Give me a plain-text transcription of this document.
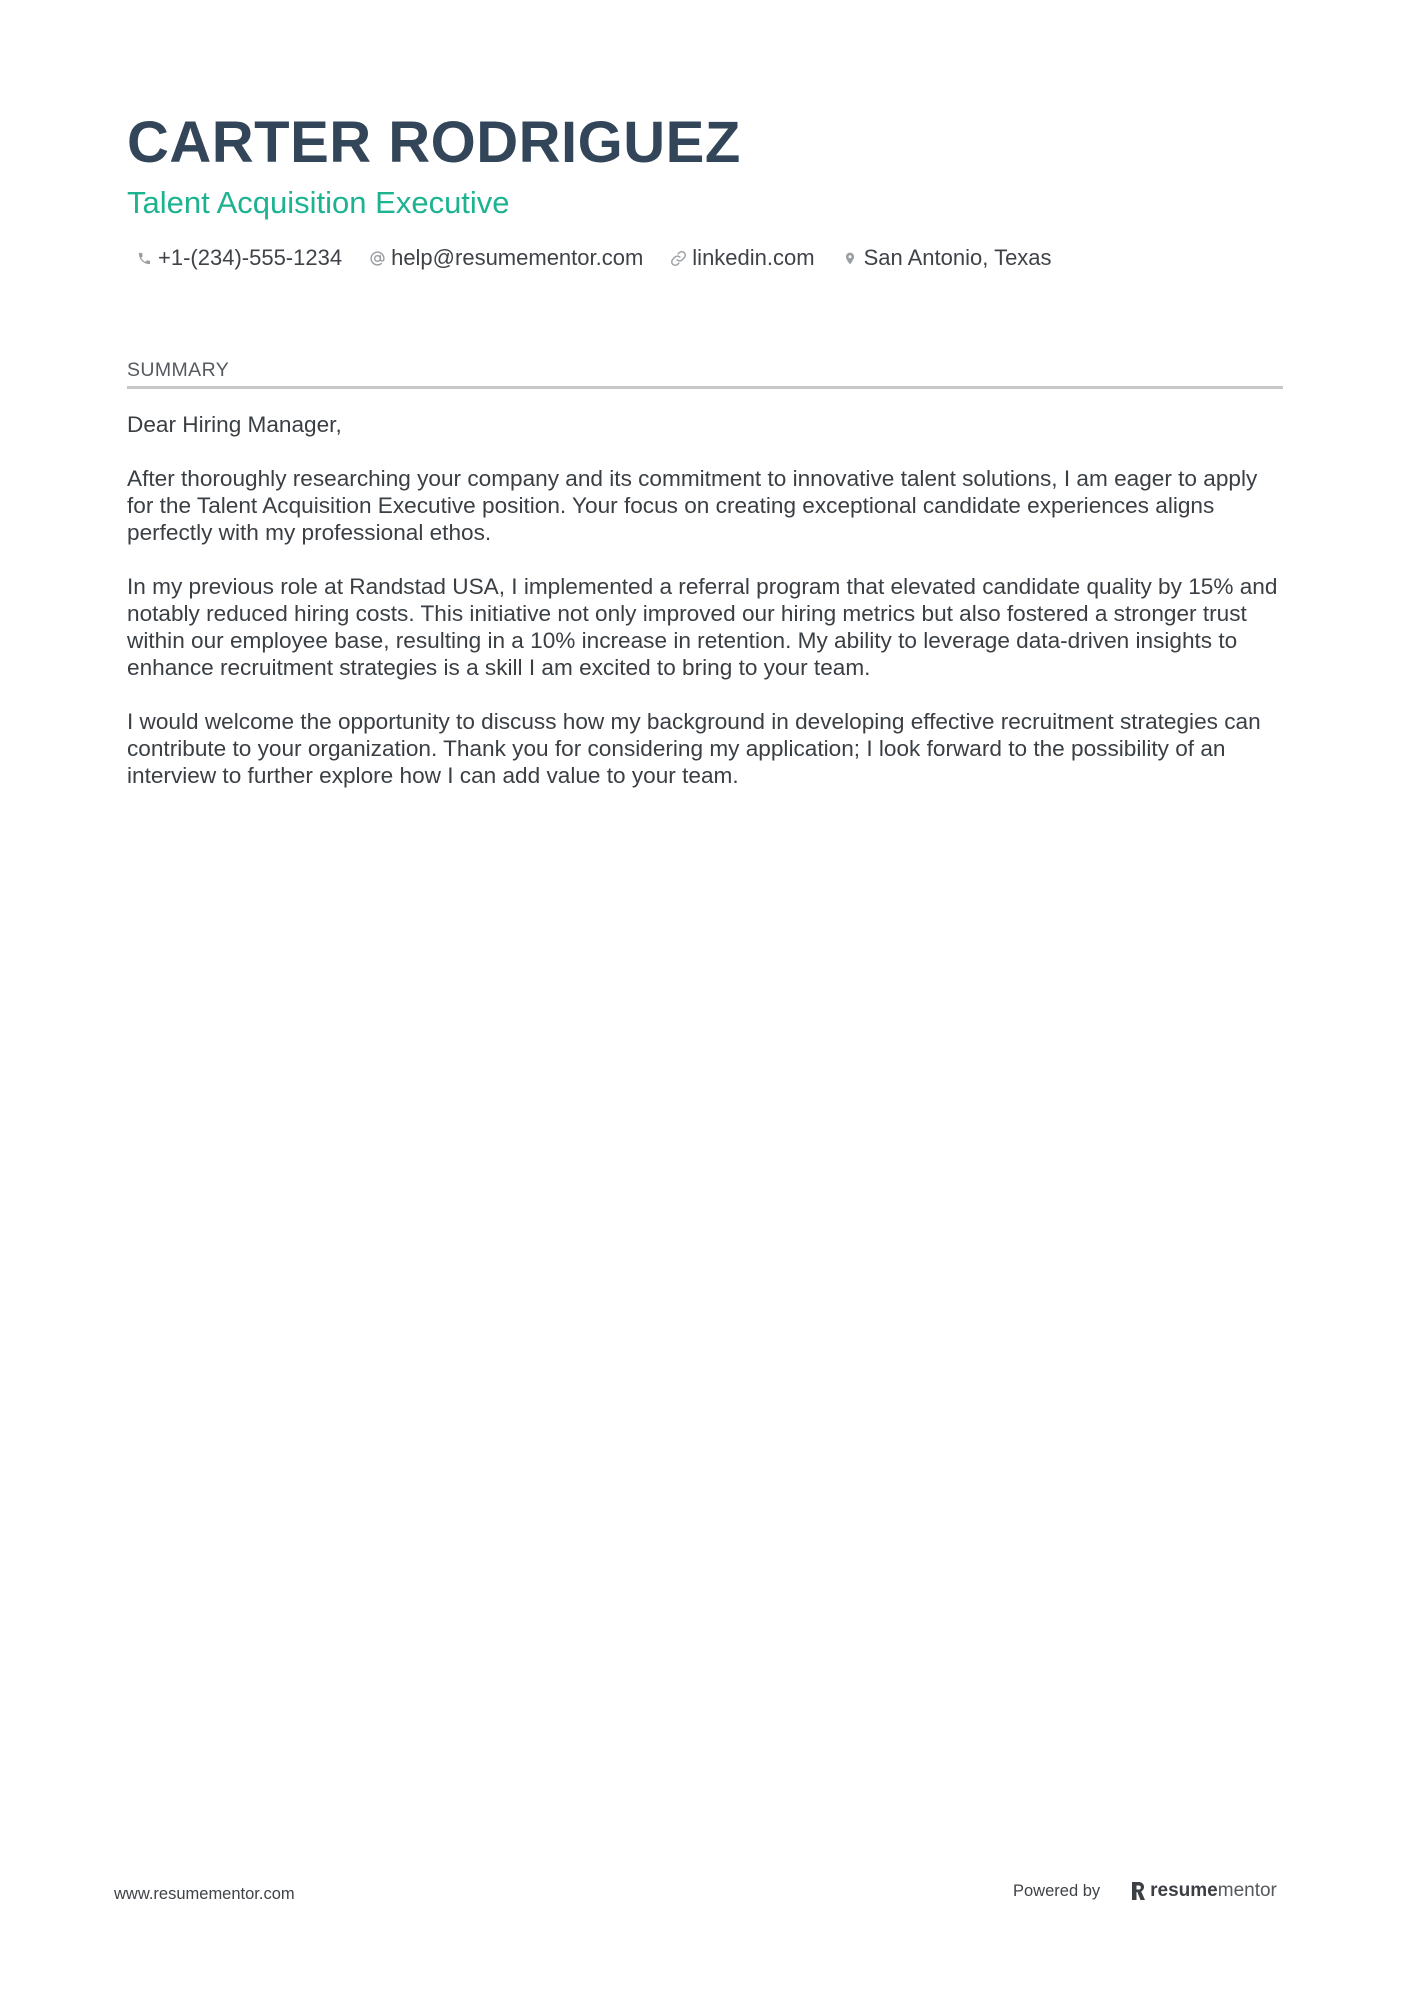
CARTER RODRIGUEZ
Talent Acquisition Executive
+1-(234)-555-1234 help@resumementor.com linkedin.com San Antonio, Texas
SUMMARY

Dear Hiring Manager,

After thoroughly researching your company and its commitment to innovative talent solutions, I am eager to apply for the Talent Acquisition Executive position. Your focus on creating exceptional candidate experiences aligns perfectly with my professional ethos.

In my previous role at Randstad USA, I implemented a referral program that elevated candidate quality by 15% and notably reduced hiring costs. This initiative not only improved our hiring metrics but also fostered a stronger trust within our employee base, resulting in a 10% increase in retention. My ability to leverage data-driven insights to enhance recruitment strategies is a skill I am excited to bring to your team.

I would welcome the opportunity to discuss how my background in developing effective recruitment strategies can contribute to your organization. Thank you for considering my application; I look forward to the possibility of an interview to further explore how I can add value to your team.

www.resumementor.com	Powered by	resume mentor
